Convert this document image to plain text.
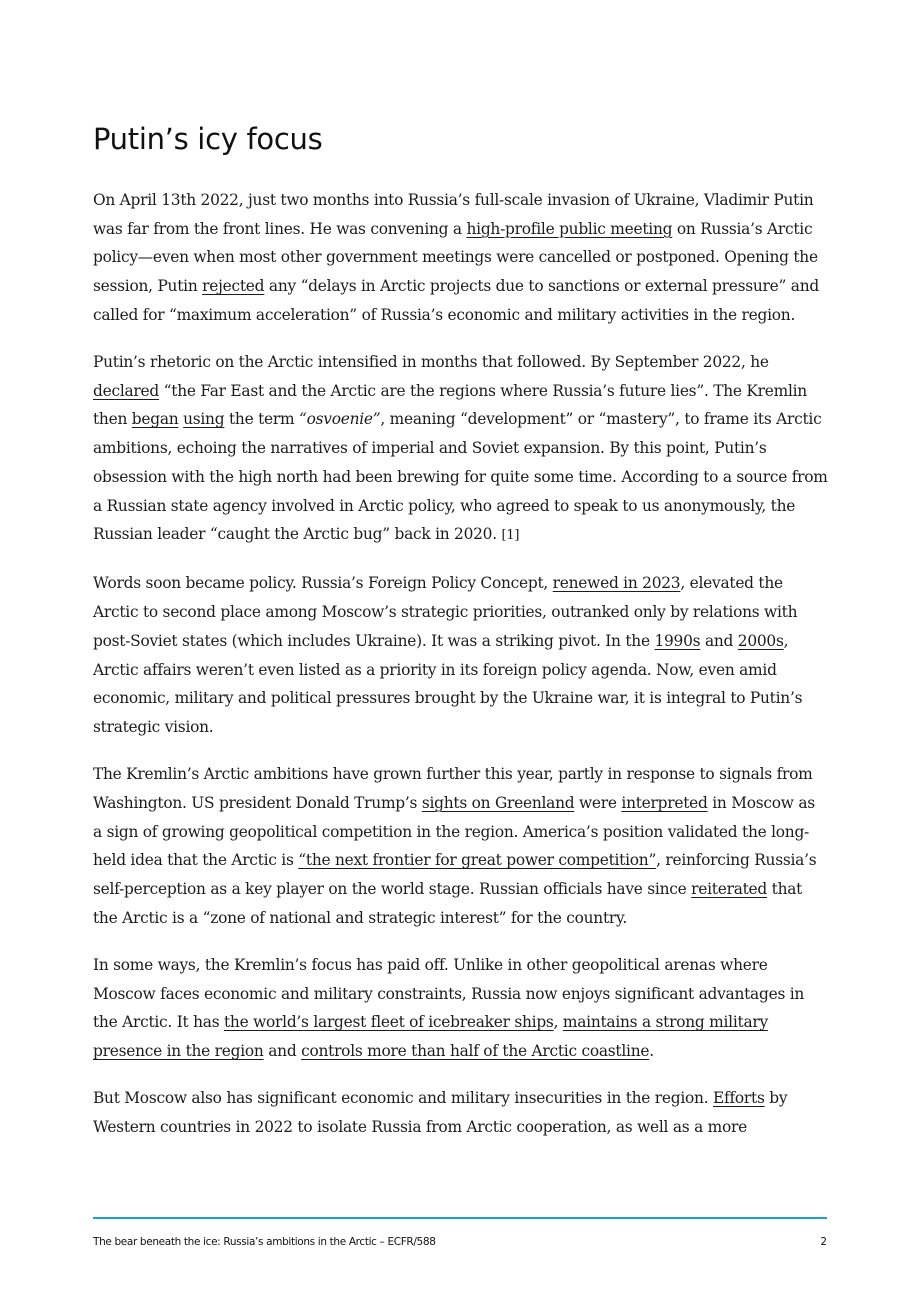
Putin’s icy focus

On April 13th 2022, just two months into Russia’s full-scale invasion of Ukraine, Vladimir Putin was far from the front lines. He was convening a high-profile public meeting on Russia’s Arctic policy—even when most other government meetings were cancelled or postponed. Opening the session, Putin rejected any “delays in Arctic projects due to sanctions or external pressure” and called for “maximum acceleration” of Russia’s economic and military activities in the region.

Putin’s rhetoric on the Arctic intensified in months that followed. By September 2022, he declared “the Far East and the Arctic are the regions where Russia’s future lies”. The Kremlin then began using the term “osvoenie”, meaning “development” or “mastery”, to frame its Arctic ambitions, echoing the narratives of imperial and Soviet expansion. By this point, Putin’s obsession with the high north had been brewing for quite some time. According to a source from a Russian state agency involved in Arctic policy, who agreed to speak to us anonymously, the Russian leader “caught the Arctic bug” back in 2020. [1]

Words soon became policy. Russia’s Foreign Policy Concept, renewed in 2023, elevated the Arctic to second place among Moscow’s strategic priorities, outranked only by relations with post-Soviet states (which includes Ukraine). It was a striking pivot. In the 1990s and 2000s, Arctic affairs weren’t even listed as a priority in its foreign policy agenda. Now, even amid economic, military and political pressures brought by the Ukraine war, it is integral to Putin’s strategic vision.

The Kremlin’s Arctic ambitions have grown further this year, partly in response to signals from Washington. US president Donald Trump’s sights on Greenland were interpreted in Moscow as a sign of growing geopolitical competition in the region. America’s position validated the long-held idea that the Arctic is “the next frontier for great power competition”, reinforcing Russia’s self-perception as a key player on the world stage. Russian officials have since reiterated that the Arctic is a “zone of national and strategic interest” for the country.

In some ways, the Kremlin’s focus has paid off. Unlike in other geopolitical arenas where Moscow faces economic and military constraints, Russia now enjoys significant advantages in the Arctic. It has the world’s largest fleet of icebreaker ships, maintains a strong military presence in the region and controls more than half of the Arctic coastline.

But Moscow also has significant economic and military insecurities in the region. Efforts by Western countries in 2022 to isolate Russia from Arctic cooperation, as well as a more

The bear beneath the ice: Russia’s ambitions in the Arctic – ECFR/588	2
